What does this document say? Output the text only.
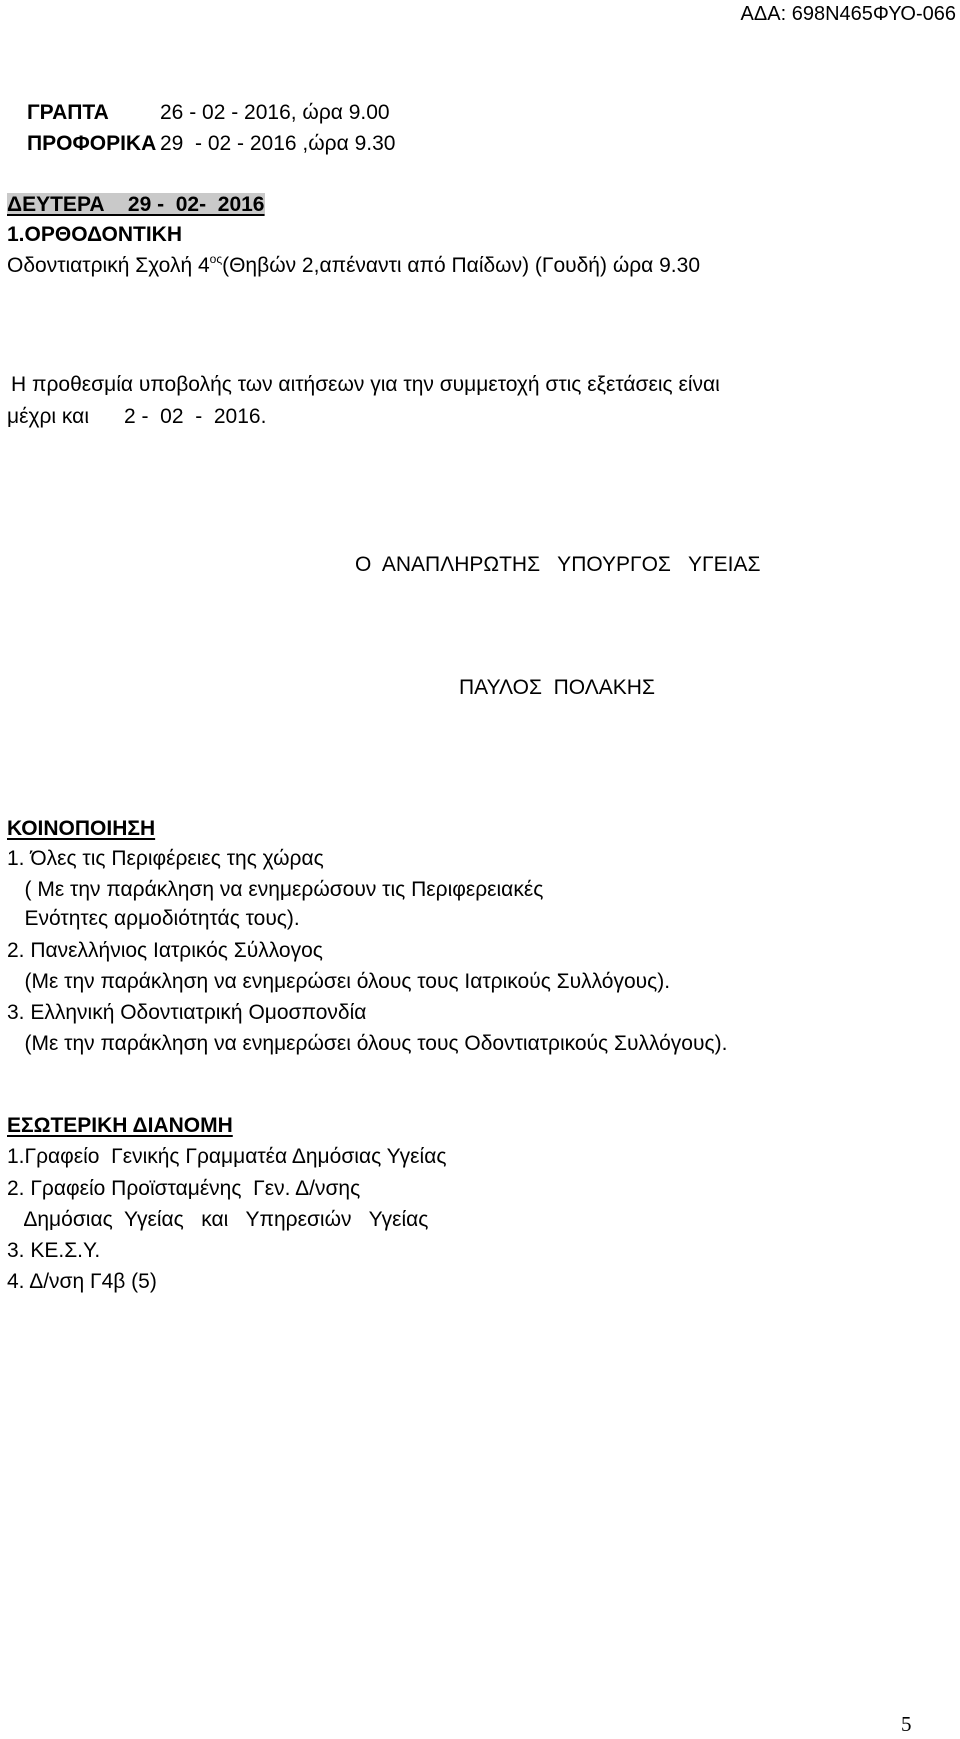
ΑΔΑ: 698Ν465ΦΥΟ-066
ΓΡΑΠΤΑ 26 - 02 - 2016, ώρα 9.00
ΠΡΟΦΟΡΙΚΑ 29  - 02 - 2016 ,ώρα 9.30
ΔΕΥΤΕΡΑ    29 -  02-  2016
1.ΟΡΘΟΔΟΝΤΙΚΗ
Οδοντιατρική Σχολή $4^{o\varsigma}(\Theta\eta\beta ώ\nu$ 2,απέναντι από Παίδων) (Γουδή) ώρα 9.30
Η προθεσμία υποβολής των αιτήσεων για την συμμετοχή στις εξετάσεις είναι
μέχρι και      2 -  02  -  2016.
Ο  ΑΝΑΠΛΗΡΩΤΗΣ   ΥΠΟΥΡΓΟΣ   ΥΓΕΙΑΣ
ΠΑΥΛΟΣ  ΠΟΛΑΚΗΣ
ΚΟΙΝΟΠΟΙΗΣΗ
1. Όλες τις Περιφέρειες της χώρας
( Με την παράκληση να ενημερώσουν τις Περιφερειακές
Ενότητες αρμοδιότητάς τους).
2. Πανελλήνιος Ιατρικός Σύλλογος
(Με την παράκληση να ενημερώσει όλους τους Ιατρικούς Συλλόγους).
3. Ελληνική Οδοντιατρική Ομοσπονδία
(Με την παράκληση να ενημερώσει όλους τους Οδοντιατρικούς Συλλόγους).
ΕΣΩΤΕΡΙΚΗ ΔΙΑΝΟΜΗ
1.Γραφείο  Γενικής Γραμματέα Δημόσιας Υγείας
2. Γραφείο Προϊσταμένης  Γεν. Δ/νσης
Δημόσιας  Υγείας   και   Υπηρεσιών   Υγείας
3. ΚΕ.Σ.Υ.
4. Δ/νση Γ4β (5)
5
